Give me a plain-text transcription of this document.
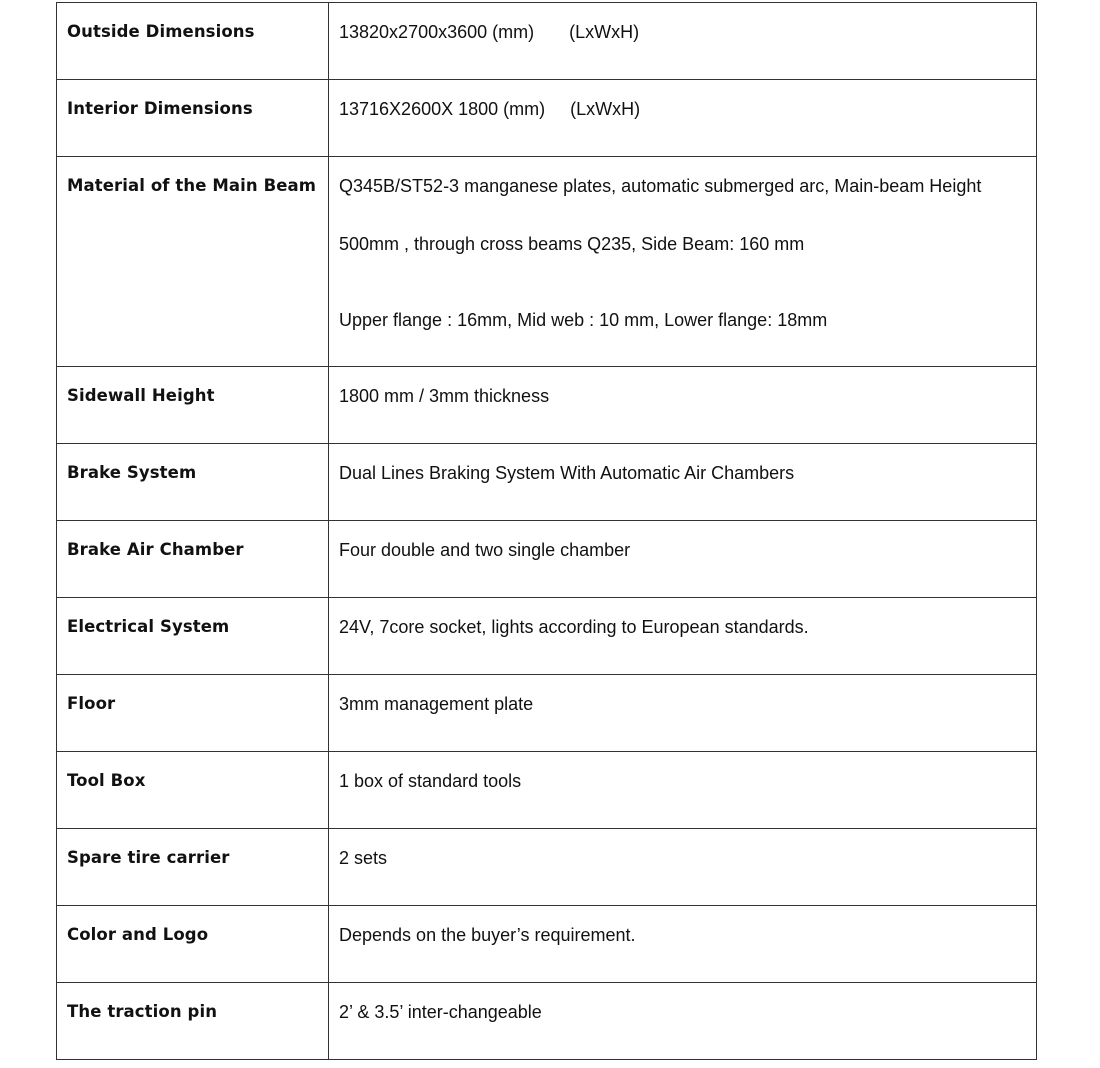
Outside Dimensions	13820x2700x3600 (mm)       (LxWxH)

Interior Dimensions	13716X2600X 1800 (mm)     (LxWxH)

Material of the Main Beam	Q345B/ST52-3 manganese plates, automatic submerged arc, Main-beam Height
500mm , through cross beams Q235, Side Beam: 160 mm
Upper flange : 16mm, Mid web : 10 mm, Lower flange: 18mm

Sidewall Height	1800 mm / 3mm thickness

Brake System	Dual Lines Braking System With Automatic Air Chambers

Brake Air Chamber	Four double and two single chamber

Electrical System	24V, 7core socket, lights according to European standards.

Floor	3mm management plate

Tool Box	1 box of standard tools

Spare tire carrier	2 sets

Color and Logo	Depends on the buyer’s requirement.

The traction pin	2’ & 3.5’ inter-changeable
